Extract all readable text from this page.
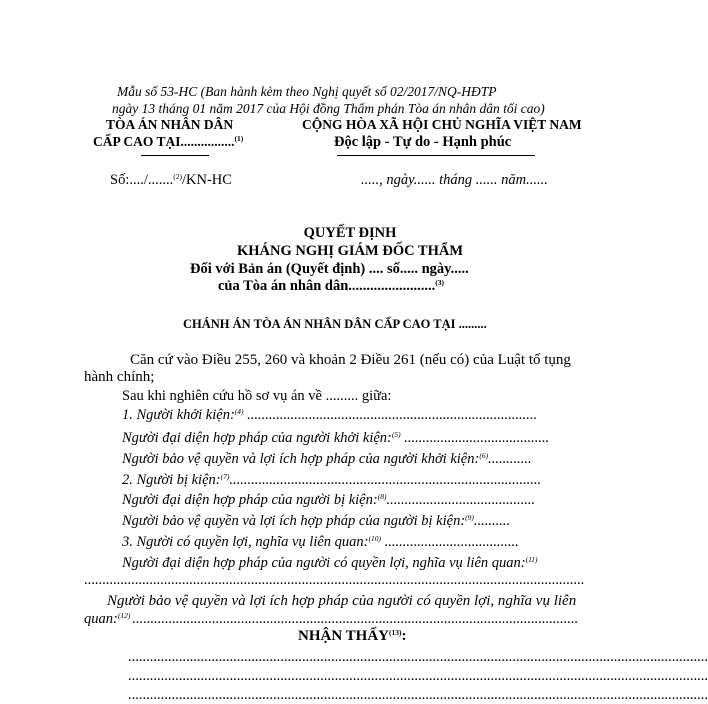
Mẫu số 53-HC (Ban hành kèm theo Nghị quyết số 02/2017/NQ-HĐTP
ngày 13 tháng 01 năm 2017 của Hội đồng Thẩm phán Tòa án nhân dân tối cao)
TÒA ÁN NHÂN DÂN
CẤP CAO TẠI................$^{(1)}$
CỘNG HÒA XÃ HỘI CHỦ NGHĨA VIỆT NAM
Độc lập - Tự do - Hạnh phúc
Số:..../.......$^{(2)}$/KN-HC	....., ngày...... tháng ...... năm......
QUYẾT ĐỊNH
KHÁNG NGHỊ GIÁM ĐỐC THẨM
Đối với Bản án (Quyết định) .... số..... ngày.....
của Tòa án nhân dân........................$^{(3)}$
CHÁNH ÁN TÒA ÁN NHÂN DÂN CẤP CAO TẠI .........
Căn cứ vào Điều 255, 260 và khoản 2 Điều 261 (nếu có) của Luật tố tụng
hành chính;
Sau khi nghiên cứu hồ sơ vụ án về ......... giữa:
1. Người khởi kiện:$^{(4)}$ ................................................................................
Người đại diện hợp pháp của người khởi kiện:$^{(5)}$ ........................................
Người bảo vệ quyền và lợi ích hợp pháp của người khởi kiện:$^{(6)}$............
2. Người bị kiện:$^{(7)}$......................................................................................
Người đại diện hợp pháp của người bị kiện:$^{(8)}$.........................................
Người bảo vệ quyền và lợi ích hợp pháp của người bị kiện:$^{(9)}$..........
3. Người có quyền lợi, nghĩa vụ liên quan:$^{(10)}$ .....................................
Người đại diện hợp pháp của người có quyền lợi, nghĩa vụ liên quan:$^{(11)}$
..........................................................................................................................................
Người bảo vệ quyền và lợi ích hợp pháp của người có quyền lợi, nghĩa vụ liên
quan:$^{(12)}$ ...........................................................................................................................
NHẬN THẤY$^{(13)}$:
................................................................................................................................................................
................................................................................................................................................................
................................................................................................................................................................
